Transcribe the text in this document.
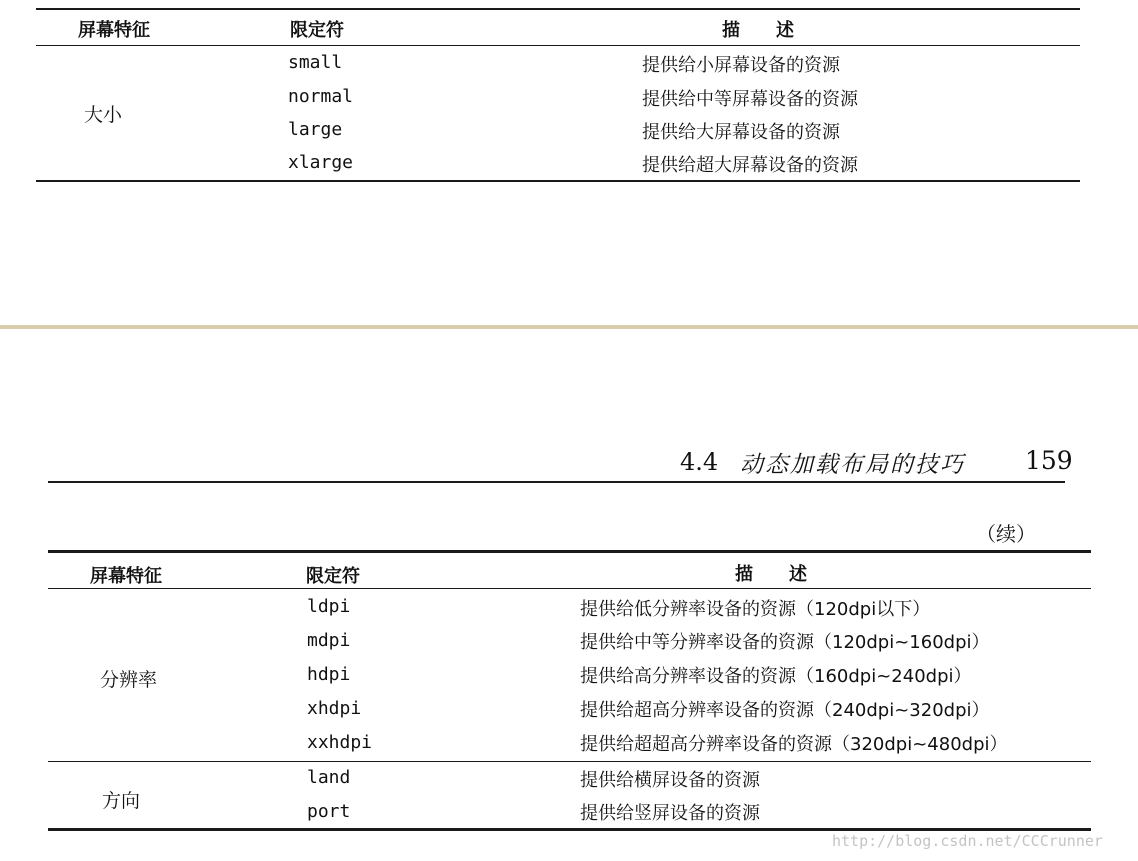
屏幕特征	限定符	描　　述
大小
small	提供给小屏幕设备的资源
normal	提供给中等屏幕设备的资源
large	提供给大屏幕设备的资源
xlarge	提供给超大屏幕设备的资源
4.4 动态加载布局的技巧 159
（续）
屏幕特征	限定符	描　　述
分辨率
ldpi	提供给低分辨率设备的资源（120dpi以下）
mdpi	提供给中等分辨率设备的资源（120dpi~160dpi）
hdpi	提供给高分辨率设备的资源（160dpi~240dpi）
xhdpi	提供给超高分辨率设备的资源（240dpi~320dpi）
xxhdpi	提供给超超高分辨率设备的资源（320dpi~480dpi）
方向
land	提供给横屏设备的资源
port	提供给竖屏设备的资源
http://blog.csdn.net/CCCrunner
